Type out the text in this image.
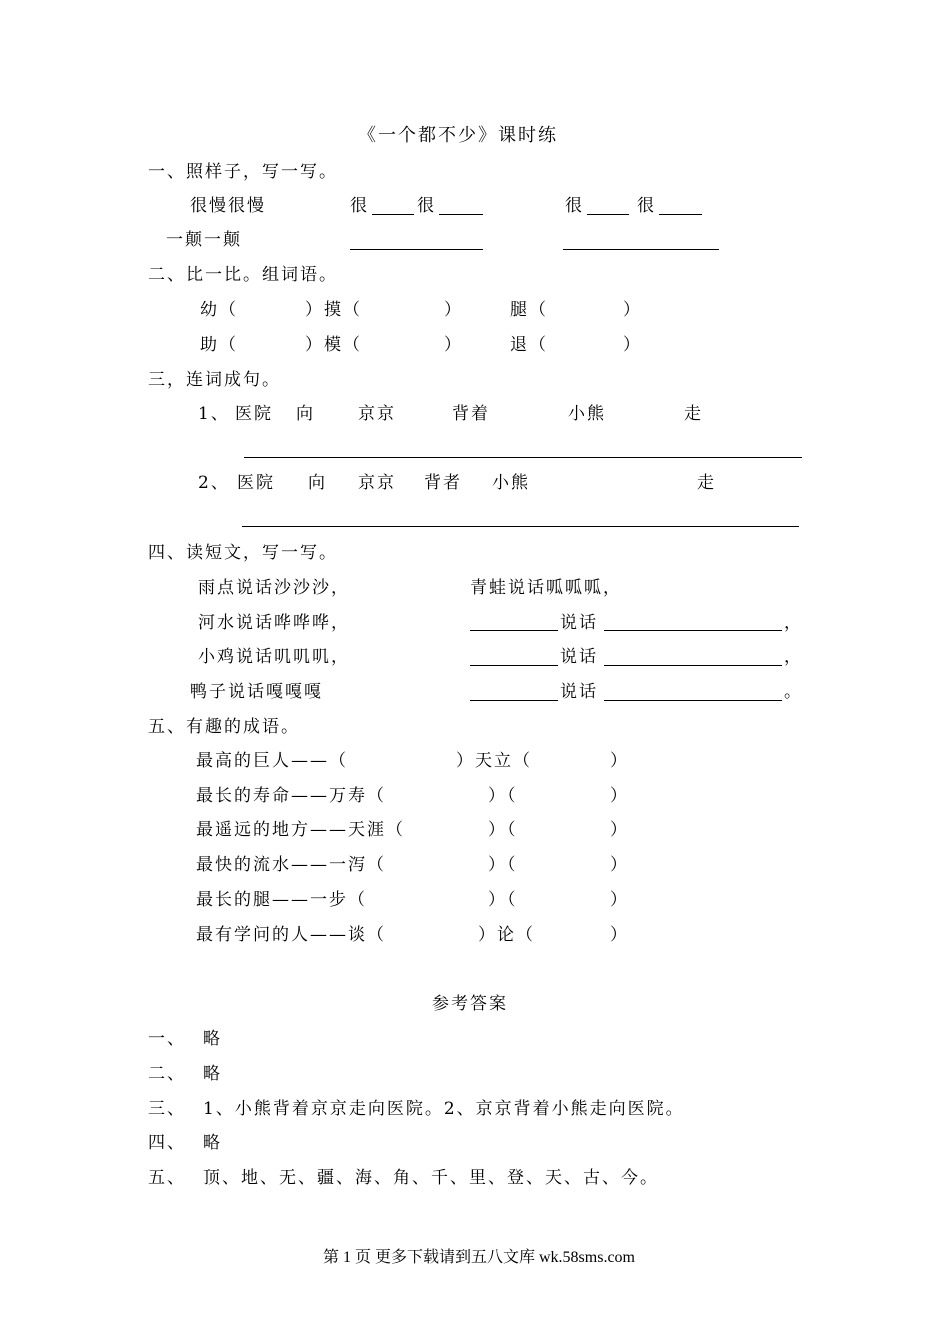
《一个都不少》课时练
一、照样子，写一写。
很慢很慢	很	很	很	很
一颠一颠
二、比一比。组词语。
幼（	）摸（	）	腿（	）
助（	）模（	）	退（	）
三，连词成句。
1、 医院 向	京京	背着	小熊	走
2、 医院 向 京京 背者 小熊	走
四、读短文，写一写。
雨点说话沙沙沙，	青蛙说话呱呱呱，
河水说话哗哗哗，	说话	，
小鸡说话叽叽叽，	说话	，
鸭子说话嘎嘎嘎	说话	。
五、有趣的成语。
最高的巨人——（	）天立（	）
最长的寿命——万寿（	）（	）
最遥远的地方——天涯（	）（	）
最快的流水——一泻（	）（	）
最长的腿——一步（	）（	）
最有学问的人——谈（	）论（	）
参考答案
一、 略
二、 略
三、 1、小熊背着京京走向医院。2、京京背着小熊走向医院。
四、 略
五、 顶、地、无、疆、海、角、千、里、登、天、古、今。
第 1 页 更多下载请到五八文库 wk.58sms.com
